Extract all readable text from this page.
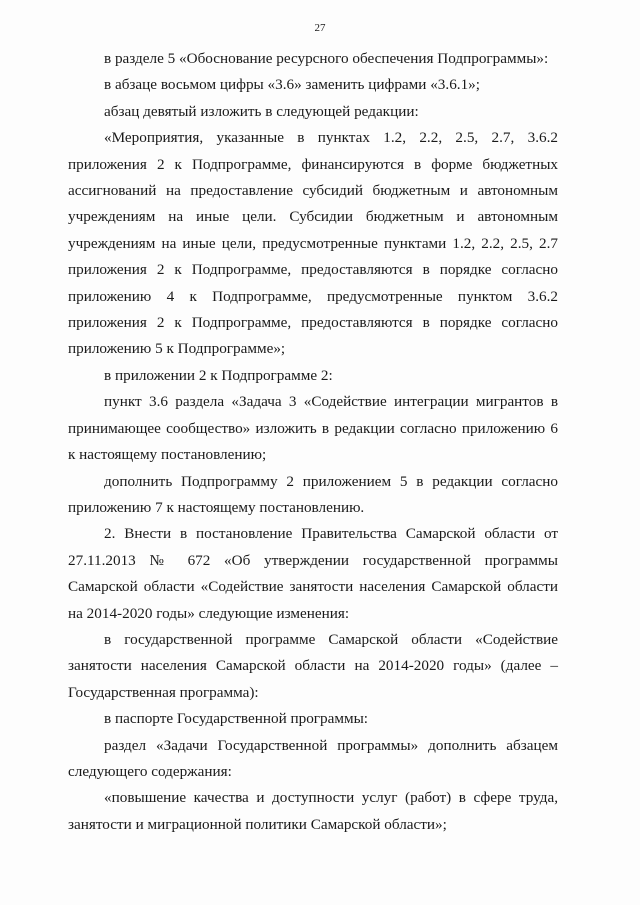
27

в разделе 5 «Обоснование ресурсного обеспечения Подпрограммы»:

в абзаце восьмом цифры «3.6» заменить цифрами «3.6.1»;

абзац девятый изложить в следующей редакции:

«Мероприятия, указанные в пунктах 1.2, 2.2, 2.5, 2.7, 3.6.2 приложения 2 к Подпрограмме, финансируются в форме бюджетных ассигнований на предоставление субсидий бюджетным и автономным учреждениям на иные цели. Субсидии бюджетным и автономным учреждениям на иные цели, предусмотренные пунктами 1.2, 2.2, 2.5, 2.7 приложения 2 к Подпрограмме, предоставляются в порядке согласно приложению 4 к Подпрограмме, предусмотренные пунктом 3.6.2 приложения 2 к Подпрограмме, предоставляются в порядке согласно приложению 5 к Подпрограмме»;

в приложении 2 к Подпрограмме 2:

пункт 3.6 раздела «Задача 3 «Содействие интеграции мигрантов в принимающее сообщество» изложить в редакции согласно приложению 6 к настоящему постановлению;

дополнить Подпрограмму 2 приложением 5 в редакции согласно приложению 7 к настоящему постановлению.

2. Внести в постановление Правительства Самарской области от 27.11.2013 № 672 «Об утверждении государственной программы Самарской области «Содействие занятости населения Самарской области на 2014-2020 годы» следующие изменения:

в государственной программе Самарской области «Содействие занятости населения Самарской области на 2014-2020 годы» (далее – Государственная программа):

в паспорте Государственной программы:

раздел «Задачи Государственной программы» дополнить абзацем следующего содержания:

«повышение качества и доступности услуг (работ) в сфере труда, занятости и миграционной политики Самарской области»;
